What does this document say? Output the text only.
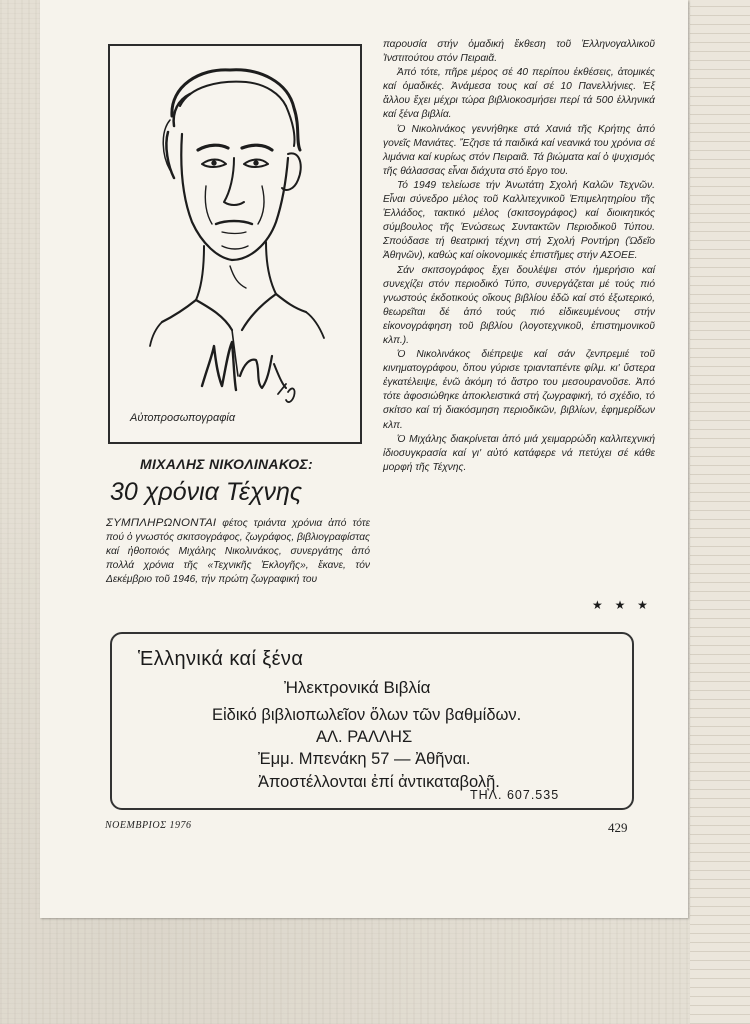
Αὐτοπροσωπογραφία
ΜΙΧΑΛΗΣ ΝΙΚΟΛΙΝΑΚΟΣ:
30 χρόνια Τέχνης
ΣΥΜΠΛΗΡΩΝΟΝΤΑΙ φέτος τριάντα χρόνια ἀπό τότε πού ὁ γνωστός σκιτσογράφος, ζωγράφος, βιβλιογραφίστας καί ἡθοποιός Μιχάλης Νικολινάκος, συνεργάτης ἀπό πολλά χρόνια τῆς «Τεχνικῆς Ἐκλογῆς», ἔκανε, τόν Δεκέμβριο τοῦ 1946, τήν πρώτη ζωγραφική του

παρουσία στήν ὁμαδική ἔκθεση τοῦ Ἑλληνογαλλικοῦ Ἰνστιτούτου στόν Πειραιᾶ.

Ἀπό τότε, πῆρε μέρος σέ 40 περίπου ἐκθέσεις, ἀτομικές καί ὁμαδικές. Ἀνάμεσα τους καί σέ 10 Πανελλήνιες. Ἐξ ἄλλου ἔχει μέχρι τώρα βιβλιοκοσμήσει περί τά 500 ἑλληνικά καί ξένα βιβλία.

Ὁ Νικολινάκος γεννήθηκε στά Χανιά τῆς Κρήτης ἀπό γονεῖς Μανιάτες. Ἔζησε τά παιδικά καί νεανικά του χρόνια σέ λιμάνια καί κυρίως στόν Πειραιᾶ. Τά βιώματα καί ὁ ψυχισμός τῆς θάλασσας εἶναι διάχυτα στό ἔργο του.

Τό 1949 τελείωσε τήν Ἀνωτάτη Σχολή Καλῶν Τεχνῶν. Εἶναι σύνεδρο μέλος τοῦ Καλλιτεχνικοῦ Ἐπιμελητηρίου τῆς Ἑλλάδος, τακτικό μέλος (σκιτσογράφος) καί διοικητικός σύμβουλος τῆς Ἑνώσεως Συντακτῶν Περιοδικοῦ Τύπου. Σπούδασε τή θεατρική τέχνη στή Σχολή Ροντήρη (Ὠδεῖο Ἀθηνῶν), καθώς καί οἰκονομικές ἐπιστῆμες στήν ΑΣΟΕΕ.

Σάν σκιτσογράφος ἔχει δουλέψει στόν ἡμερήσιο καί συνεχίζει στόν περιοδικό Τύπο, συνεργάζεται μέ τούς πιό γνωστούς ἐκδοτικούς οἴκους βιβλίου ἐδῶ καί στό ἐξωτερικό, θεωρεῖται δέ ἀπό τούς πιό εἰδικευμένους στήν εἰκονογράφηση τοῦ βιβλίου (λογοτεχνικοῦ, ἐπιστημονικοῦ κλπ.).

Ὁ Νικολινάκος διέπρεψε καί σάν ζενπρεμιέ τοῦ κινηματογράφου, ὅπου γύρισε τριανταπέντε φίλμ. κι' ὕστερα ἐγκατέλειψε, ἐνῶ ἀκόμη τό ἄστρο του μεσουρανοῦσε. Ἀπό τότε ἀφοσιώθηκε ἀποκλειστικά στή ζωγραφική, τό σχέδιο, τό σκίτσο καί τή διακόσμηση περιοδικῶν, βιβλίων, ἐφημερίδων κλπ.

Ὁ Μιχάλης διακρίνεται ἀπό μιά χειμαρρώδη καλλιτεχνική ἰδιοσυγκρασία καί γι' αὐτό κατάφερε νά πετύχει σέ κάθε μορφή τῆς Τέχνης.

★ ★ ★
Ἑλληνικά καί ξένα
Ἠλεκτρονικά Βιβλία
Εἰδικό βιβλιοπωλεῖον ὅλων τῶν βαθμίδων.
ΑΛ. ΡΑΛΛΗΣ
Ἐμμ. Μπενάκη 57 — Ἀθῆναι.
Ἀποστέλλονται ἐπί ἀντικαταβολῇ.
ΤΗΛ. 607.535
ΝΟΕΜΒΡΙΟΣ 1976	429
